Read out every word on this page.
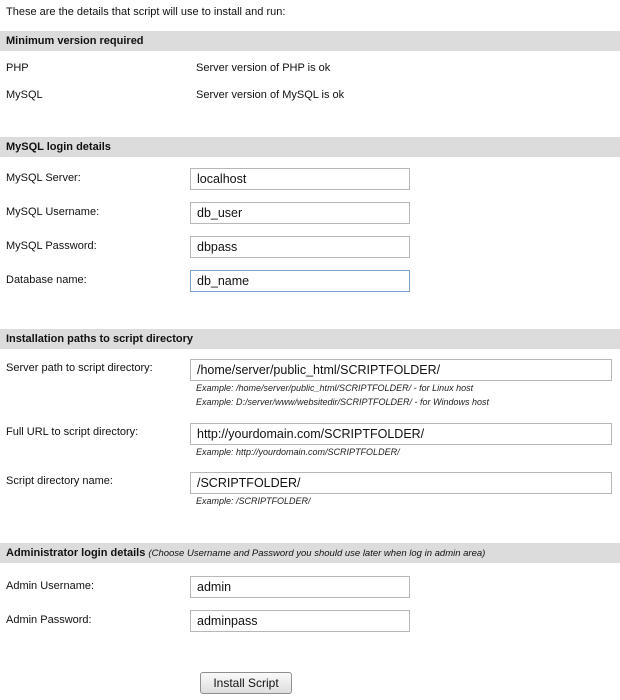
These are the details that script will use to install and run:
Minimum version required
PHP	Server version of PHP is ok
MySQL	Server version of MySQL is ok
MySQL login details
MySQL Server:
localhost
MySQL Username:
db_user
MySQL Password:
dbpass
Database name:
db_name
Installation paths to script directory
Server path to script directory:
/home/server/public_html/SCRIPTFOLDER/
Example: /home/server/public_html/SCRIPTFOLDER/ - for Linux host
Example: D:/server/www/websitedir/SCRIPTFOLDER/ - for Windows host
Full URL to script directory:
http://yourdomain.com/SCRIPTFOLDER/
Example: http://yourdomain.com/SCRIPTFOLDER/
Script directory name:
/SCRIPTFOLDER/
Example: /SCRIPTFOLDER/
Administrator login details (Choose Username and Password you should use later when log in admin area)
Admin Username:
admin
Admin Password:
adminpass
Install Script
